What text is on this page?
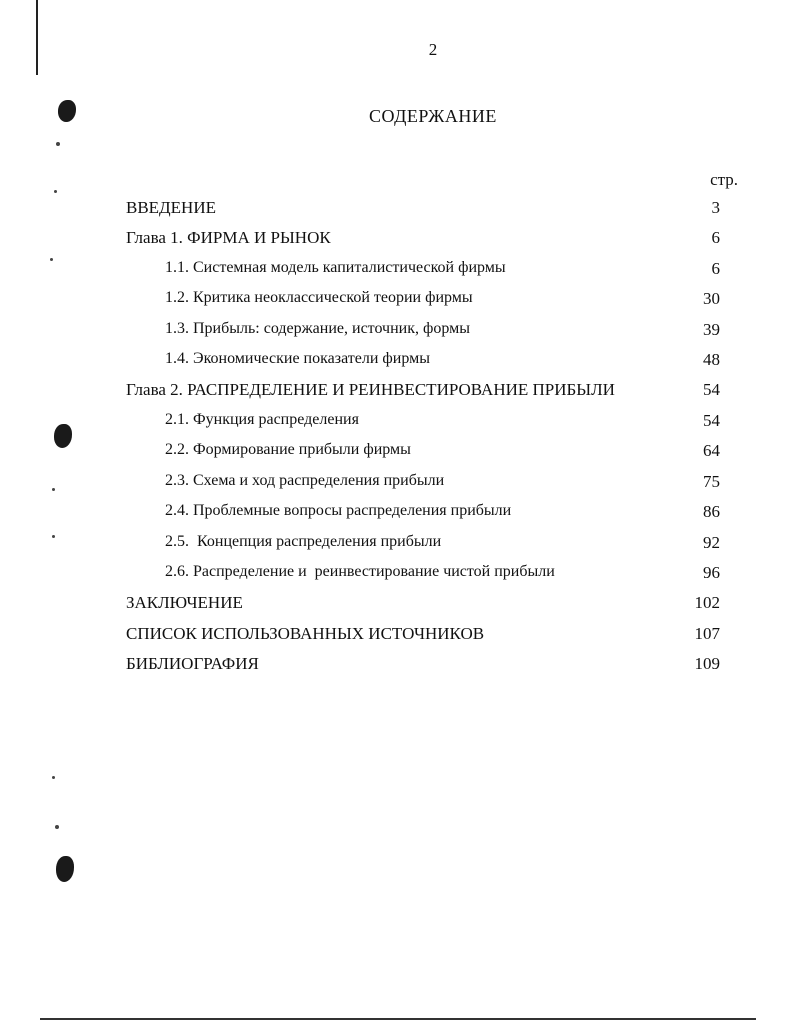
2
СОДЕРЖАНИЕ
стр.
ВВЕДЕНИЕ	3
Глава 1. ФИРМА И РЫНОК	6
1.1. Системная модель капиталистической фирмы	6
1.2. Критика неоклассической теории фирмы	30
1.3. Прибыль: содержание, источник, формы	39
1.4. Экономические показатели фирмы	48
Глава 2. РАСПРЕДЕЛЕНИЕ И РЕИНВЕСТИРОВАНИЕ ПРИБЫЛИ	54
2.1. Функция распределения	54
2.2. Формирование прибыли фирмы	64
2.3. Схема и ход распределения прибыли	75
2.4. Проблемные вопросы распределения прибыли	86
2.5.  Концепция распределения прибыли	92
2.6. Распределение и  реинвестирование чистой прибыли	96
ЗАКЛЮЧЕНИЕ	102
СПИСОК ИСПОЛЬЗОВАННЫХ ИСТОЧНИКОВ	107
БИБЛИОГРАФИЯ	109
